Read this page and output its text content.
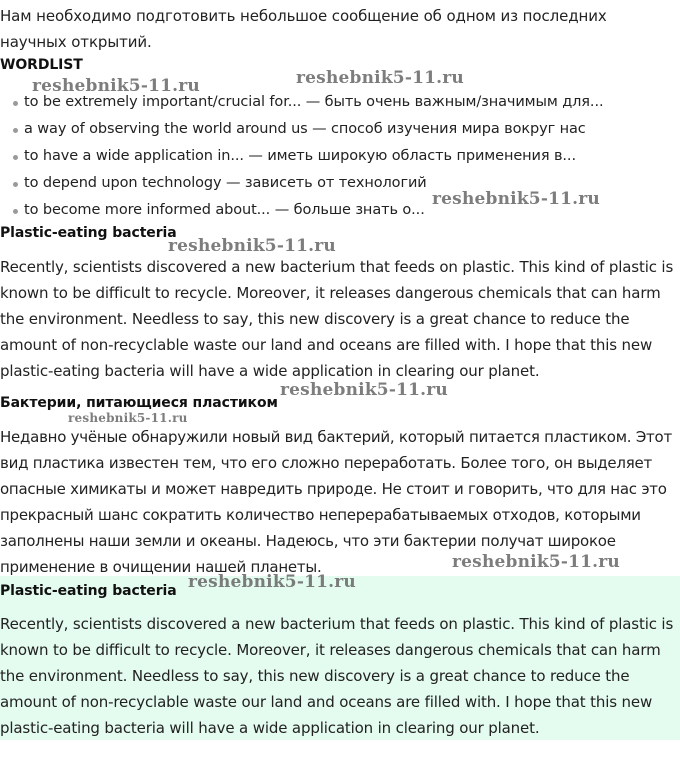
Нам необходимо подготовить небольшое сообщение об одном из последних научных открытий.

WORDLIST
to be extremely important/crucial for... — быть очень важным/значимым для...
a way of observing the world around us — способ изучения мира вокруг нас
to have a wide application in... — иметь широкую область применения в...
to depend upon technology — зависеть от технологий
to become more informed about... — больше знать о...
Plastic-eating bacteria

Recently, scientists discovered a new bacterium that feeds on plastic. This kind of plastic is known to be difficult to recycle. Moreover, it releases dangerous chemicals that can harm the environment. Needless to say, this new discovery is a great chance to reduce the amount of non-recyclable waste our land and oceans are filled with. I hope that this new plastic-eating bacteria will have a wide application in clearing our planet.

Бактерии, питающиеся пластиком

Недавно учёные обнаружили новый вид бактерий, который питается пластиком. Этот вид пластика известен тем, что его сложно переработать. Более того, он выделяет опасные химикаты и может навредить природе. Не стоит и говорить, что для нас это прекрасный шанс сократить количество неперерабатываемых отходов, которыми заполнены наши земли и океаны. Надеюсь, что эти бактерии получат широкое применение в очищении нашей планеты.

Plastic-eating bacteria

Recently, scientists discovered a new bacterium that feeds on plastic. This kind of plastic is known to be difficult to recycle. Moreover, it releases dangerous chemicals that can harm the environment. Needless to say, this new discovery is a great chance to reduce the amount of non-recyclable waste our land and oceans are filled with. I hope that this new plastic-eating bacteria will have a wide application in clearing our planet.

reshebnik5-11.ru	reshebnik5-11.ru
reshebnik5-11.ru
reshebnik5-11.ru
reshebnik5-11.ru
reshebnik5-11.ru
reshebnik5-11.ru
reshebnik5-11.ru
